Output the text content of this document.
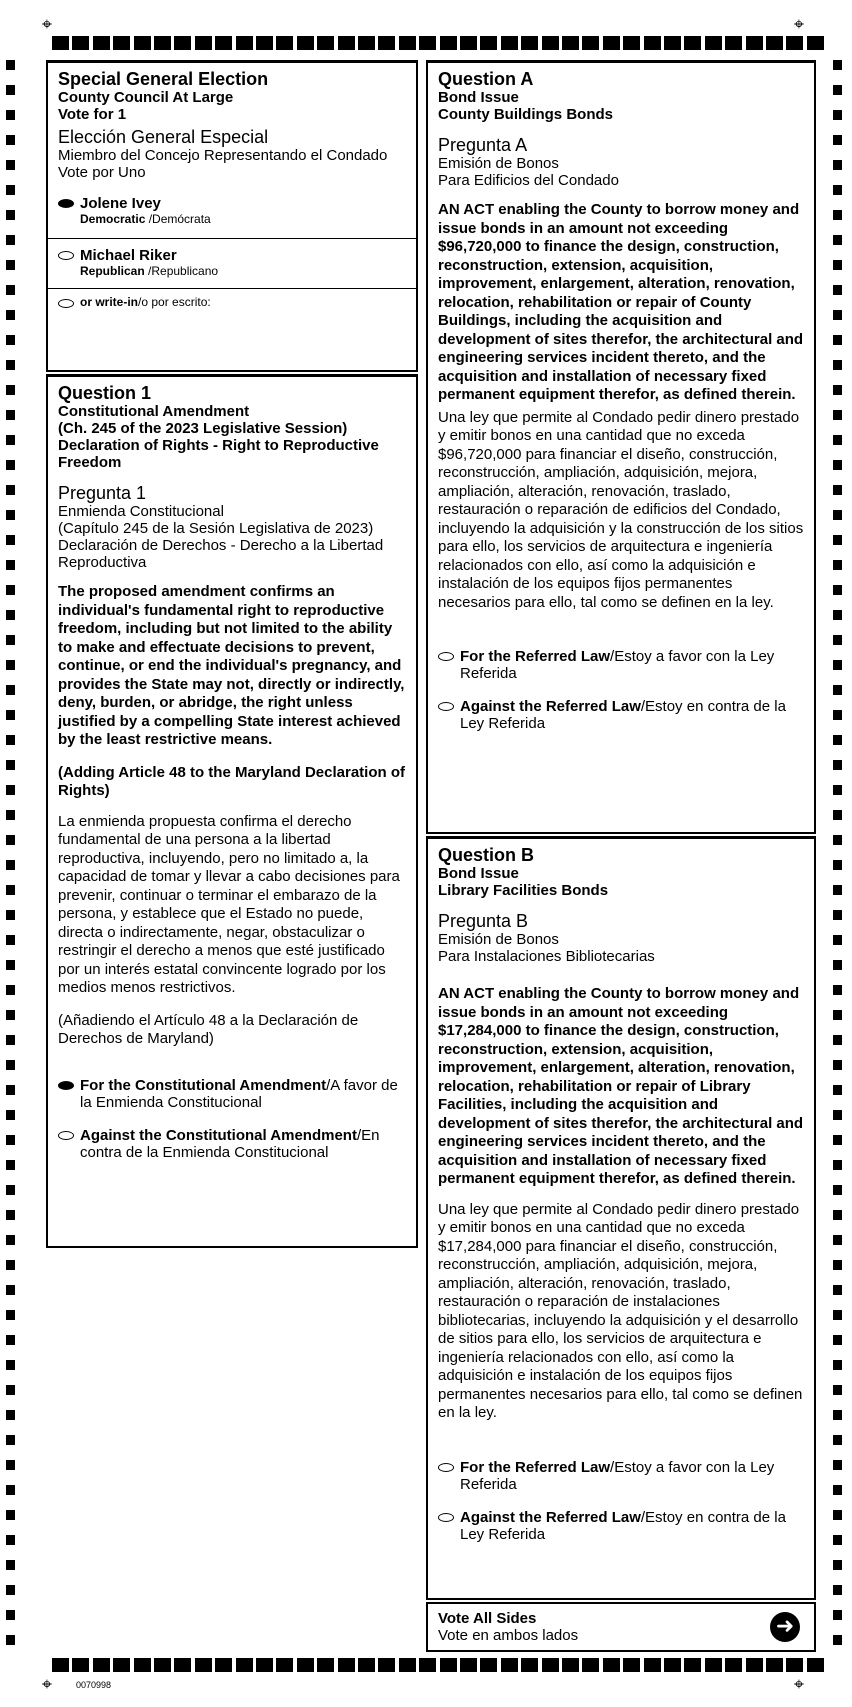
⌖	⌖
⌖	⌖
0070998
Special General Election
County Council At Large
Vote for 1
Elección General Especial
Miembro del Concejo Representando el Condado
Vote por Uno
Jolene Ivey
Democratic /Demócrata
Michael Riker
Republican /Republicano
or write-in/o por escrito:
Question 1
Constitutional Amendment
(Ch. 245 of the 2023 Legislative Session)
Declaration of Rights - Right to Reproductive Freedom
Pregunta 1
Enmienda Constitucional
(Capítulo 245 de la Sesión Legislativa de 2023)
Declaración de Derechos - Derecho a la Libertad Reproductiva
The proposed amendment confirms an individual's fundamental right to reproductive freedom, including but not limited to the ability to make and effectuate decisions to prevent, continue, or end the individual's pregnancy, and provides the State may not, directly or indirectly, deny, burden, or abridge, the right unless justified by a compelling State interest achieved by the least restrictive means.
(Adding Article 48 to the Maryland Declaration of Rights)
La enmienda propuesta confirma el derecho fundamental de una persona a la libertad reproductiva, incluyendo, pero no limitado a, la capacidad de tomar y llevar a cabo decisiones para prevenir, continuar o terminar el embarazo de la persona, y establece que el Estado no puede, directa o indirectamente, negar, obstaculizar o restringir el derecho a menos que esté justificado por un interés estatal convincente logrado por los medios menos restrictivos.
(Añadiendo el Artículo 48 a la Declaración de Derechos de Maryland)
For the Constitutional Amendment/A favor de la Enmienda Constitucional
Against the Constitutional Amendment/En contra de la Enmienda Constitucional
Question A
Bond Issue
County Buildings Bonds
Pregunta A
Emisión de Bonos
Para Edificios del Condado
AN ACT enabling the County to borrow money and issue bonds in an amount not exceeding $96,720,000 to finance the design, construction, reconstruction, extension, acquisition, improvement, enlargement, alteration, renovation, relocation, rehabilitation or repair of County Buildings, including the acquisition and development of sites therefor, the architectural and engineering services incident thereto, and the acquisition and installation of necessary fixed permanent equipment therefor, as defined therein.
Una ley que permite al Condado pedir dinero prestado y emitir bonos en una cantidad que no exceda $96,720,000 para financiar el diseño, construcción, reconstrucción, ampliación, adquisición, mejora, ampliación, alteración, renovación, traslado, restauración o reparación de edificios del Condado, incluyendo la adquisición y la construcción de los sitios para ello, los servicios de arquitectura e ingeniería relacionados con ello, así como la adquisición e instalación de los equipos fijos permanentes necesarios para ello, tal como se definen en la ley.
For the Referred Law/Estoy a favor con la Ley Referida
Against the Referred Law/Estoy en contra de la Ley Referida
Question B
Bond Issue
Library Facilities Bonds
Pregunta B
Emisión de Bonos
Para Instalaciones Bibliotecarias
AN ACT enabling the County to borrow money and issue bonds in an amount not exceeding $17,284,000 to finance the design, construction, reconstruction, extension, acquisition, improvement, enlargement, alteration, renovation, relocation, rehabilitation or repair of Library Facilities, including the acquisition and development of sites therefor, the architectural and engineering services incident thereto, and the acquisition and installation of necessary fixed permanent equipment therefor, as defined therein.
Una ley que permite al Condado pedir dinero prestado y emitir bonos en una cantidad que no exceda $17,284,000 para financiar el diseño, construcción, reconstrucción, ampliación, adquisición, mejora, ampliación, alteración, renovación, traslado, restauración o reparación de instalaciones bibliotecarias, incluyendo la adquisición y el desarrollo de sitios para ello, los servicios de arquitectura e ingeniería relacionados con ello, así como la adquisición e instalación de los equipos fijos permanentes necesarios para ello, tal como se definen en la ley.
For the Referred Law/Estoy a favor con la Ley Referida
Against the Referred Law/Estoy en contra de la Ley Referida
Vote All Sides
Vote en ambos lados	➜
